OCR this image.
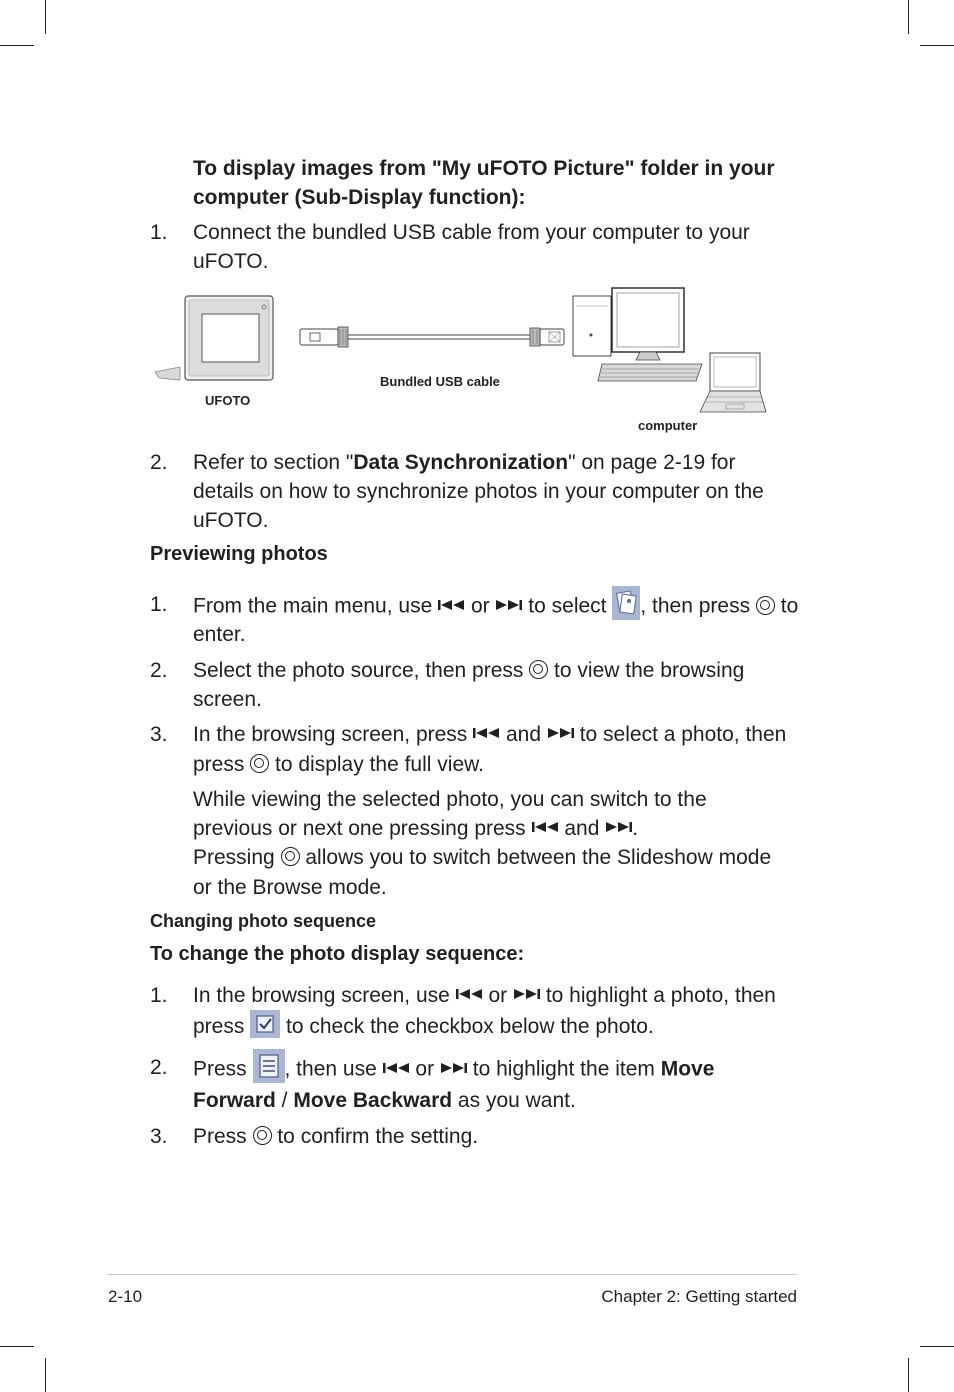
To display images from "My uFOTO Picture" folder in your
computer (Sub-Display function):
1. Connect the bundled USB cable from your computer to your
uFOTO.
UFOTO
Bundled USB cable
computer
2. Refer to section "Data Synchronization" on page 2-19 for
details on how to synchronize photos in your computer on the
uFOTO.
Previewing photos
1. From the main menu, use  or  to select , then press  to
enter.
2. Select the photo source, then press  to view the browsing
screen.
3. In the browsing screen, press  and  to select a photo, then
press  to display the full view.
While viewing the selected photo, you can switch to the
previous or next one pressing press  and .
Pressing  allows you to switch between the Slideshow mode
or the Browse mode.
Changing photo sequence
To change the photo display sequence:
1. In the browsing screen, use  or  to highlight a photo, then
press  to check the checkbox below the photo.
2. Press , then use  or  to highlight the item Move
Forward / Move Backward as you want.
3. Press  to confirm the setting.
2-10	Chapter 2: Getting started
